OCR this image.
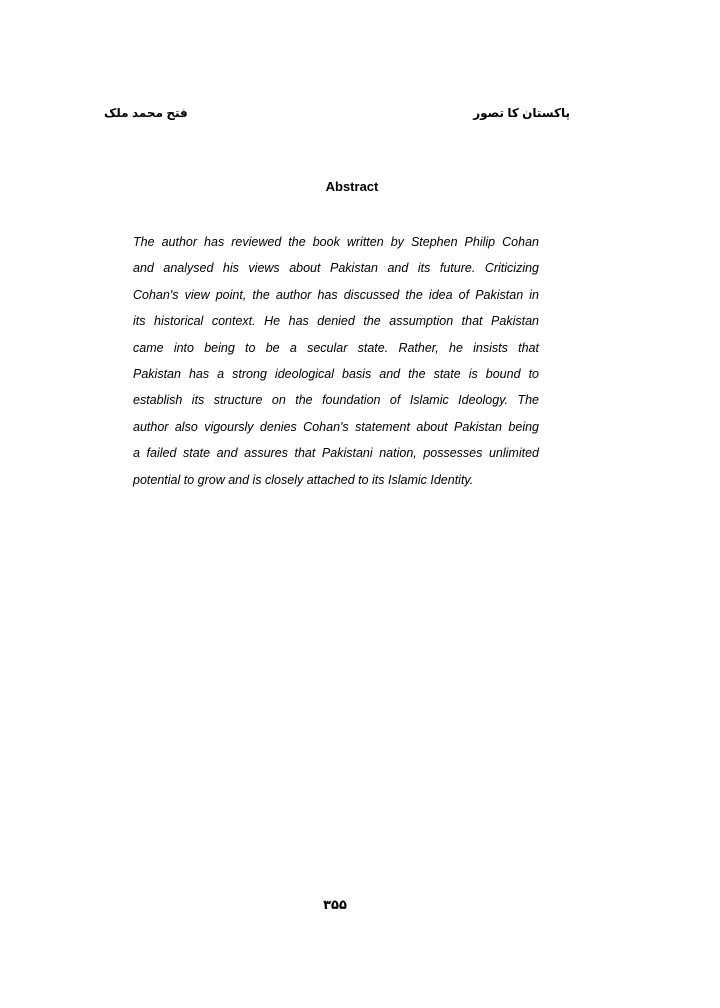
فتح محمد ملک	پاکستان کا تصور
Abstract

The author has reviewed the book written by Stephen Philip Cohan
and analysed his views about Pakistan and its future. Criticizing
Cohan's view point, the author has discussed the idea of Pakistan in
its historical context. He has denied the assumption that Pakistan
came into being to be a secular state. Rather, he insists that
Pakistan has a strong ideological basis and the state is bound to
establish its structure on the foundation of Islamic Ideology. The
author also vigoursly denies Cohan's statement about Pakistan being
a failed state and assures that Pakistani nation, possesses unlimited
potential to grow and is closely attached to its Islamic Identity.

۳۵۵
